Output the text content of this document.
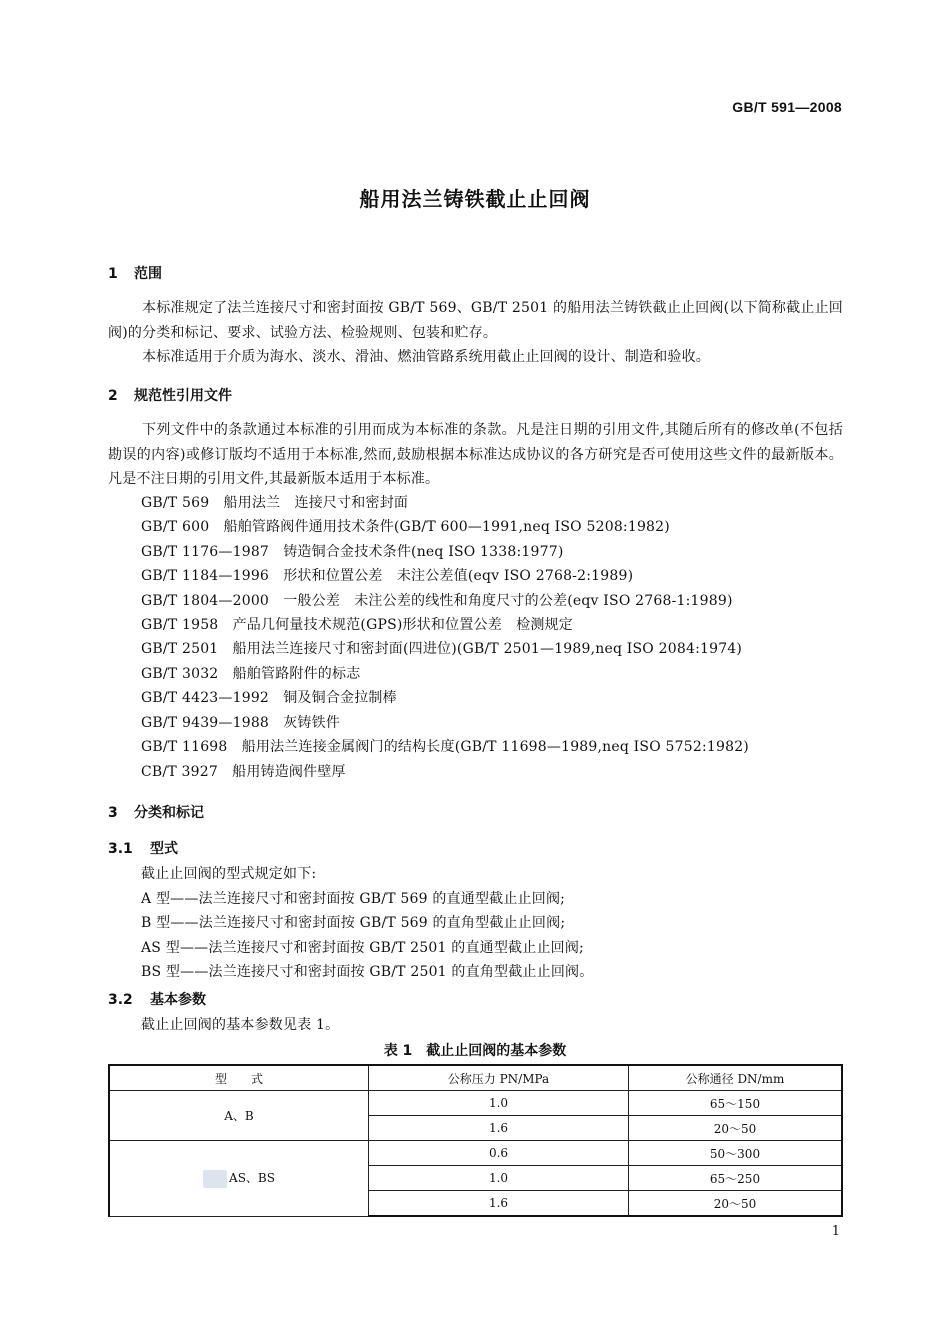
GB/T 591—2008
船用法兰铸铁截止止回阀
1 范围
本标准规定了法兰连接尺寸和密封面按 GB/T 569、GB/T 2501 的船用法兰铸铁截止止回阀(以下简称截止止回阀)的分类和标记、要求、试验方法、检验规则、包装和贮存。
本标准适用于介质为海水、淡水、滑油、燃油管路系统用截止止回阀的设计、制造和验收。
2 规范性引用文件
下列文件中的条款通过本标准的引用而成为本标准的条款。凡是注日期的引用文件,其随后所有的修改单(不包括勘误的内容)或修订版均不适用于本标准,然而,鼓励根据本标准达成协议的各方研究是否可使用这些文件的最新版本。凡是不注日期的引用文件,其最新版本适用于本标准。
GB/T 569　船用法兰　连接尺寸和密封面
GB/T 600　船舶管路阀件通用技术条件(GB/T 600—1991,neq ISO 5208:1982)
GB/T 1176—1987　铸造铜合金技术条件(neq ISO 1338:1977)
GB/T 1184—1996　形状和位置公差　未注公差值(eqv ISO 2768-2:1989)
GB/T 1804—2000　一般公差　未注公差的线性和角度尺寸的公差(eqv ISO 2768-1:1989)
GB/T 1958　产品几何量技术规范(GPS)形状和位置公差　检测规定
GB/T 2501　船用法兰连接尺寸和密封面(四进位)(GB/T 2501—1989,neq ISO 2084:1974)
GB/T 3032　船舶管路附件的标志
GB/T 4423—1992　铜及铜合金拉制棒
GB/T 9439—1988　灰铸铁件
GB/T 11698　船用法兰连接金属阀门的结构长度(GB/T 11698—1989,neq ISO 5752:1982)
CB/T 3927　船用铸造阀件壁厚
3 分类和标记
3.1 型式
截止止回阀的型式规定如下:
A 型——法兰连接尺寸和密封面按 GB/T 569 的直通型截止止回阀;
B 型——法兰连接尺寸和密封面按 GB/T 569 的直角型截止止回阀;
AS 型——法兰连接尺寸和密封面按 GB/T 2501 的直通型截止止回阀;
BS 型——法兰连接尺寸和密封面按 GB/T 2501 的直角型截止止回阀。
3.2 基本参数
截止止回阀的基本参数见表 1。
表 1　截止止回阀的基本参数
型　　式	公称压力 PN/MPa	公称通径 DN/mm
A、B	1.0	65～150
	1.6	20～50
AS、BS	0.6	50～300
	1.0	65～250
	1.6	20～50
1
